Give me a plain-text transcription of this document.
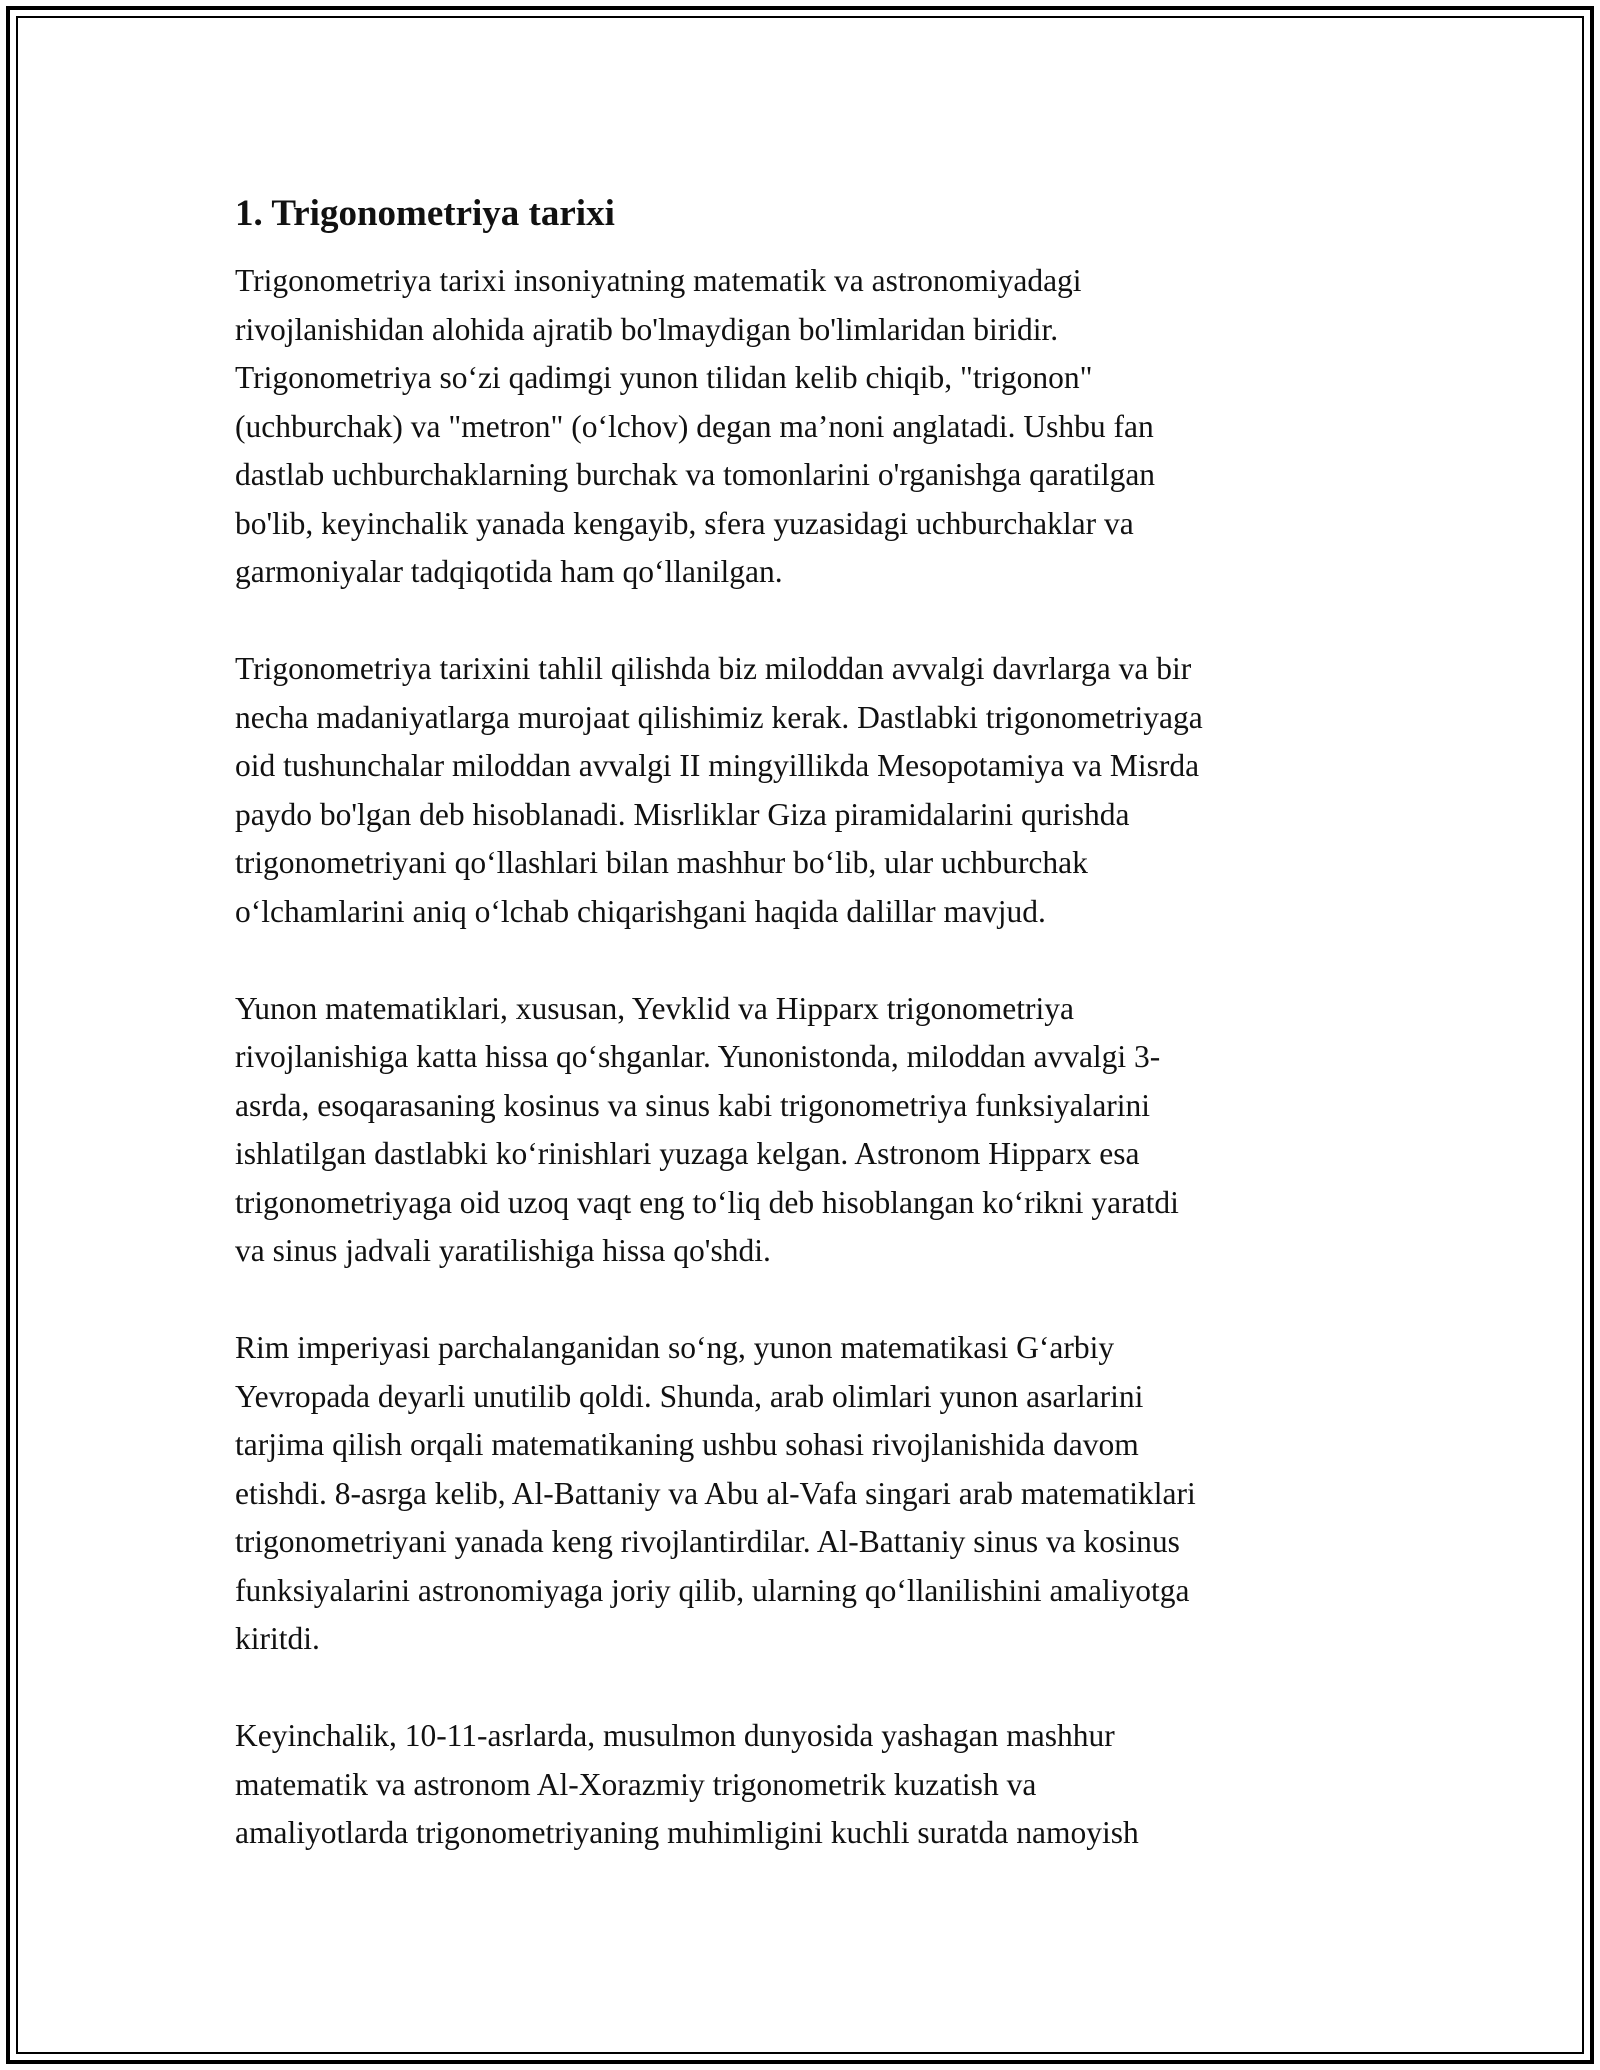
1. Trigonometriya tarixi

Trigonometriya tarixi insoniyatning matematik va astronomiyadagi
rivojlanishidan alohida ajratib bo'lmaydigan bo'limlaridan biridir.
Trigonometriya so‘zi qadimgi yunon tilidan kelib chiqib, "trigonon"
(uchburchak) va "metron" (o‘lchov) degan ma’noni anglatadi. Ushbu fan
dastlab uchburchaklarning burchak va tomonlarini o'rganishga qaratilgan
bo'lib, keyinchalik yanada kengayib, sfera yuzasidagi uchburchaklar va
garmoniyalar tadqiqotida ham qo‘llanilgan.

Trigonometriya tarixini tahlil qilishda biz miloddan avvalgi davrlarga va bir
necha madaniyatlarga murojaat qilishimiz kerak. Dastlabki trigonometriyaga
oid tushunchalar miloddan avvalgi II mingyillikda Mesopotamiya va Misrda
paydo bo'lgan deb hisoblanadi. Misrliklar Giza piramidalarini qurishda
trigonometriyani qo‘llashlari bilan mashhur bo‘lib, ular uchburchak
o‘lchamlarini aniq o‘lchab chiqarishgani haqida dalillar mavjud.

Yunon matematiklari, xususan, Yevklid va Hipparx trigonometriya
rivojlanishiga katta hissa qo‘shganlar. Yunonistonda, miloddan avvalgi 3-
asrda, esoqarasaning kosinus va sinus kabi trigonometriya funksiyalarini
ishlatilgan dastlabki ko‘rinishlari yuzaga kelgan. Astronom Hipparx esa
trigonometriyaga oid uzoq vaqt eng to‘liq deb hisoblangan ko‘rikni yaratdi
va sinus jadvali yaratilishiga hissa qo'shdi.

Rim imperiyasi parchalanganidan so‘ng, yunon matematikasi G‘arbiy
Yevropada deyarli unutilib qoldi. Shunda, arab olimlari yunon asarlarini
tarjima qilish orqali matematikaning ushbu sohasi rivojlanishida davom
etishdi. 8-asrga kelib, Al-Battaniy va Abu al-Vafa singari arab matematiklari
trigonometriyani yanada keng rivojlantirdilar. Al-Battaniy sinus va kosinus
funksiyalarini astronomiyaga joriy qilib, ularning qo‘llanilishini amaliyotga
kiritdi.

Keyinchalik, 10-11-asrlarda, musulmon dunyosida yashagan mashhur
matematik va astronom Al-Xorazmiy trigonometrik kuzatish va
amaliyotlarda trigonometriyaning muhimligini kuchli suratda namoyish
